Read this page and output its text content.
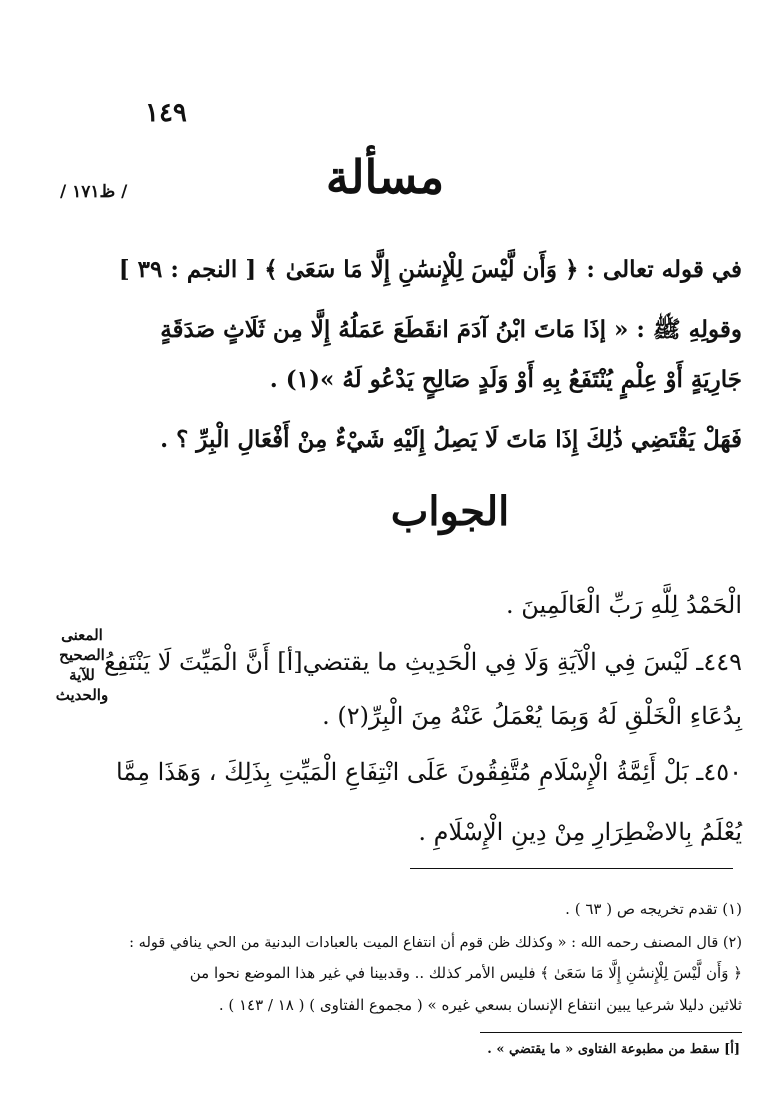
١٤٩
/ ظ١٧١ /	مسألة
في قوله تعالى : ﴿ وَأَن لَّيْسَ لِلْإِنسَٰنِ إِلَّا مَا سَعَىٰ ﴾ [ النجم : ٣٩ ]
وقولِهِ ﷺ : « إذَا مَاتَ ابْنُ آدَمَ انقَطَعَ عَمَلُهُ إِلَّا مِن ثَلَاثٍ صَدَقَةٍ
جَارِيَةٍ أَوْ عِلْمٍ يُنْتَفَعُ بِهِ أَوْ وَلَدٍ صَالِحٍ يَدْعُو لَهُ »(١) .
فَهَلْ يَقْتَضِي ذَٰلِكَ إِذَا مَاتَ لَا يَصِلُ إِلَيْهِ شَيْءٌ مِنْ أَفْعَالِ الْبِرِّ ؟ .
الجواب
الْحَمْدُ لِلَّهِ رَبِّ الْعَالَمِينَ .
٤٤٩ـ لَيْسَ فِي الْآيَةِ وَلَا فِي الْحَدِيثِ ما يقتضي[أ] أَنَّ الْمَيِّتَ لَا يَنْتَفِعُ
بِدُعَاءِ الْخَلْقِ لَهُ وَبِمَا يُعْمَلُ عَنْهُ مِنَ الْبِرِّ(٢) .
٤٥٠ـ بَلْ أَئِمَّةُ الْإِسْلَامِ مُتَّفِقُونَ عَلَى انْتِفَاعِ الْمَيِّتِ بِذَلِكَ ، وَهَذَا مِمَّا
يُعْلَمُ بِالاضْطِرَارِ مِنْ دِينِ الْإِسْلَامِ .
المعنى
الصحيح
للآية
والحديث
(١) تقدم تخريجه ص ( ٦٣ ) .
(٢) قال المصنف رحمه الله : « وكذلك ظن قوم أن انتفاع الميت بالعبادات البدنية من الحي ينافي قوله :
﴿ وَأَن لَّيْسَ لِلْإِنسَٰنِ إِلَّا مَا سَعَىٰ ﴾ فليس الأمر كذلك .. وقدبينا في غير هذا الموضع نحوا من
ثلاثين دليلا شرعيا يبين انتفاع الإنسان بسعي غيره » ( مجموع الفتاوى ) ( ١٨ / ١٤٣ ) .
[أ] سقط من مطبوعة الفتاوى « ما يقتضي » .
